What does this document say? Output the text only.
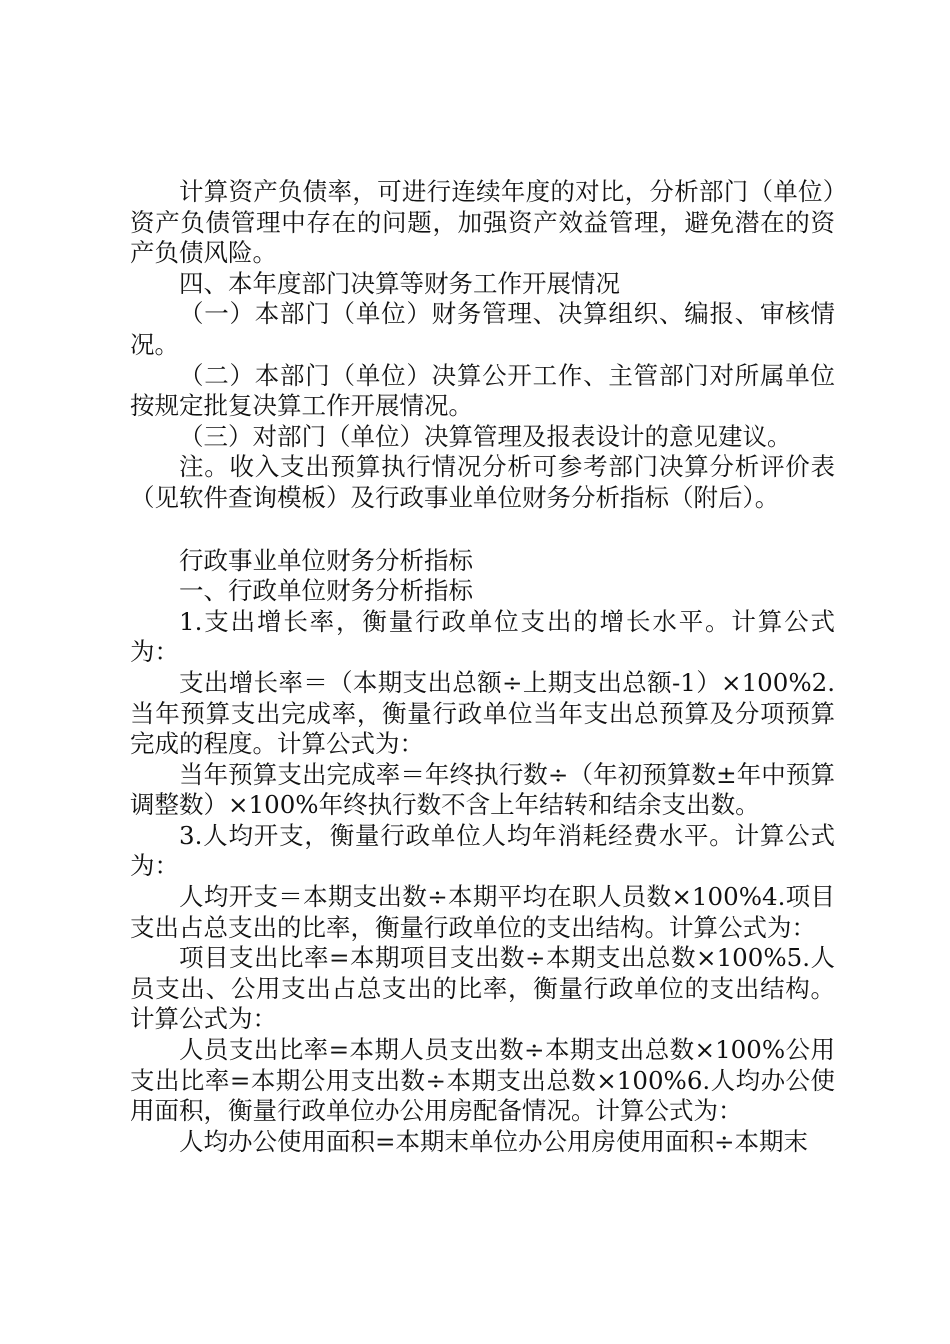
计算资产负债率，可进行连续年度的对比，分析部门（单位）资产负债管理中存在的问题，加强资产效益管理，避免潜在的资产负债风险。

四、本年度部门决算等财务工作开展情况

（一）本部门（单位）财务管理、决算组织、编报、审核情况。

（二）本部门（单位）决算公开工作、主管部门对所属单位按规定批复决算工作开展情况。

（三）对部门（单位）决算管理及报表设计的意见建议。

注。收入支出预算执行情况分析可参考部门决算分析评价表（见软件查询模板）及行政事业单位财务分析指标（附后）。

行政事业单位财务分析指标

一、行政单位财务分析指标

1.支出增长率，衡量行政单位支出的增长水平。计算公式为：

支出增长率＝（本期支出总额÷上期支出总额-1）×100%2.当年预算支出完成率，衡量行政单位当年支出总预算及分项预算完成的程度。计算公式为：

当年预算支出完成率＝年终执行数÷（年初预算数±年中预算调整数）×100%年终执行数不含上年结转和结余支出数。

3.人均开支，衡量行政单位人均年消耗经费水平。计算公式为：

人均开支＝本期支出数÷本期平均在职人员数×100%4.项目支出占总支出的比率，衡量行政单位的支出结构。计算公式为：

项目支出比率=本期项目支出数÷本期支出总数×100%5.人员支出、公用支出占总支出的比率，衡量行政单位的支出结构。计算公式为：

人员支出比率=本期人员支出数÷本期支出总数×100%公用支出比率=本期公用支出数÷本期支出总数×100%6.人均办公使用面积，衡量行政单位办公用房配备情况。计算公式为：

人均办公使用面积=本期末单位办公用房使用面积÷本期末
